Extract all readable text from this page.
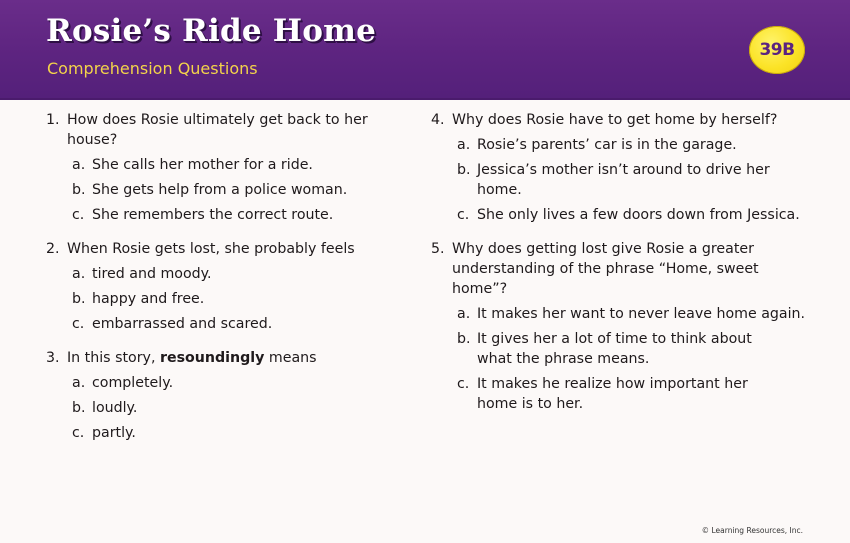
Rosie’s Ride Home
Comprehension Questions
39B
1. How does Rosie ultimately get back to her house?
a. She calls her mother for a ride.
b. She gets help from a police woman.
c. She remembers the correct route.
2. When Rosie gets lost, she probably feels
a. tired and moody.
b. happy and free.
c. embarrassed and scared.
3. In this story, resoundingly means
a. completely.
b. loudly.
c. partly.
4. Why does Rosie have to get home by herself?
a. Rosie’s parents’ car is in the garage.
b. Jessica’s mother isn’t around to drive her home.
c. She only lives a few doors down from Jessica.
5. Why does getting lost give Rosie a greater understanding of the phrase “Home, sweet home”?
a. It makes her want to never leave home again.
b. It gives her a lot of time to think about what the phrase means.
c. It makes he realize how important her home is to her.
© Learning Resources, Inc.
